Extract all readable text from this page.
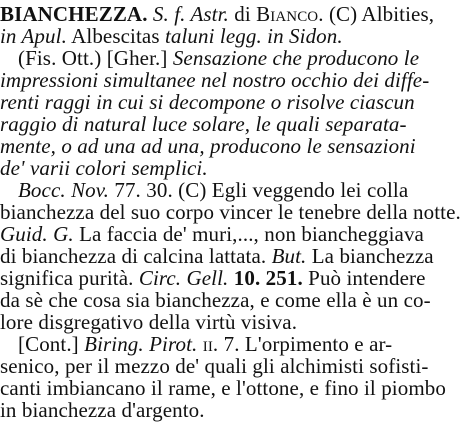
BIANCHEZZA. S. f. Astr. di Bianco. (C) Albities,
in Apul. Albescitas taluni legg. in Sidon.
(Fis. Ott.) [Gher.] Sensazione che producono le
impressioni simultanee nel nostro occhio dei diffe-
renti raggi in cui si decompone o risolve ciascun
raggio di natural luce solare, le quali separata-
mente, o ad una ad una, producono le sensazioni
de' varii colori semplici.
Bocc. Nov. 77. 30. (C) Egli veggendo lei colla
bianchezza del suo corpo vincer le tenebre della notte.
Guid. G. La faccia de' muri,..., non biancheggiava
di bianchezza di calcina lattata. But. La bianchezza
significa purità. Circ. Gell. 10. 251. Può intendere
da sè che cosa sia bianchezza, e come ella è un co-
lore disgregativo della virtù visiva.
[Cont.] Biring. Pirot. ii. 7. L'orpimento e ar-
senico, per il mezzo de' quali gli alchimisti sofisti-
canti imbiancano il rame, e l'ottone, e fino il piombo
in bianchezza d'argento.
